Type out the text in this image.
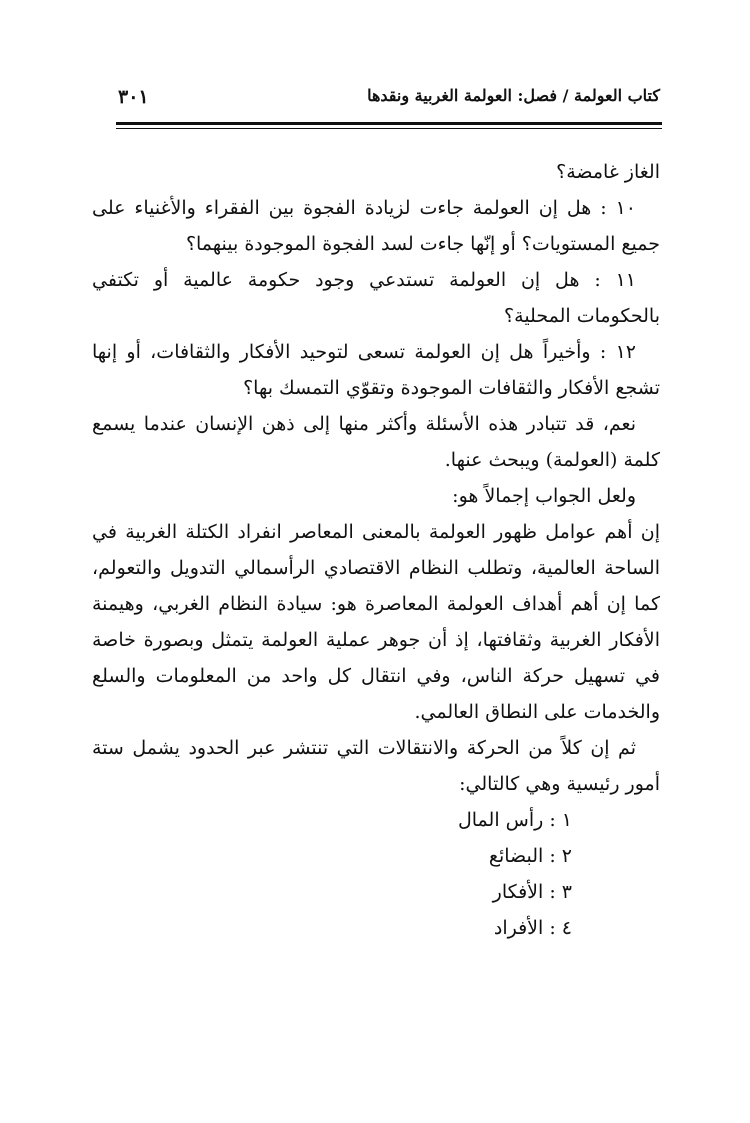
كتاب العولمة / فصل: العولمة الغربية ونقدها
٣٠١

الغاز غامضة؟

١٠ : هل إن العولمة جاءت لزيادة الفجوة بين الفقراء والأغنياء على جميع المستويات؟ أو إنّها جاءت لسد الفجوة الموجودة بينهما؟

١١ : هل إن العولمة تستدعي وجود حكومة عالمية أو تكتفي بالحكومات المحلية؟

١٢ : وأخيراً هل إن العولمة تسعى لتوحيد الأفكار والثقافات، أو إنها تشجع الأفكار والثقافات الموجودة وتقوّي التمسك بها؟

نعم، قد تتبادر هذه الأسئلة وأكثر منها إلى ذهن الإنسان عندما يسمع كلمة (العولمة) ويبحث عنها.

ولعل الجواب إجمالاً هو:

إن أهم عوامل ظهور العولمة بالمعنى المعاصر انفراد الكتلة الغربية في الساحة العالمية، وتطلب النظام الاقتصادي الرأسمالي التدويل والتعولم، كما إن أهم أهداف العولمة المعاصرة هو: سيادة النظام الغربي، وهيمنة الأفكار الغربية وثقافتها، إذ أن جوهر عملية العولمة يتمثل وبصورة خاصة في تسهيل حركة الناس، وفي انتقال كل واحد من المعلومات والسلع والخدمات على النطاق العالمي.

ثم إن كلاً من الحركة والانتقالات التي تنتشر عبر الحدود يشمل ستة أمور رئيسية وهي كالتالي:

١ : رأس المال

٢ : البضائع

٣ : الأفكار

٤ : الأفراد
